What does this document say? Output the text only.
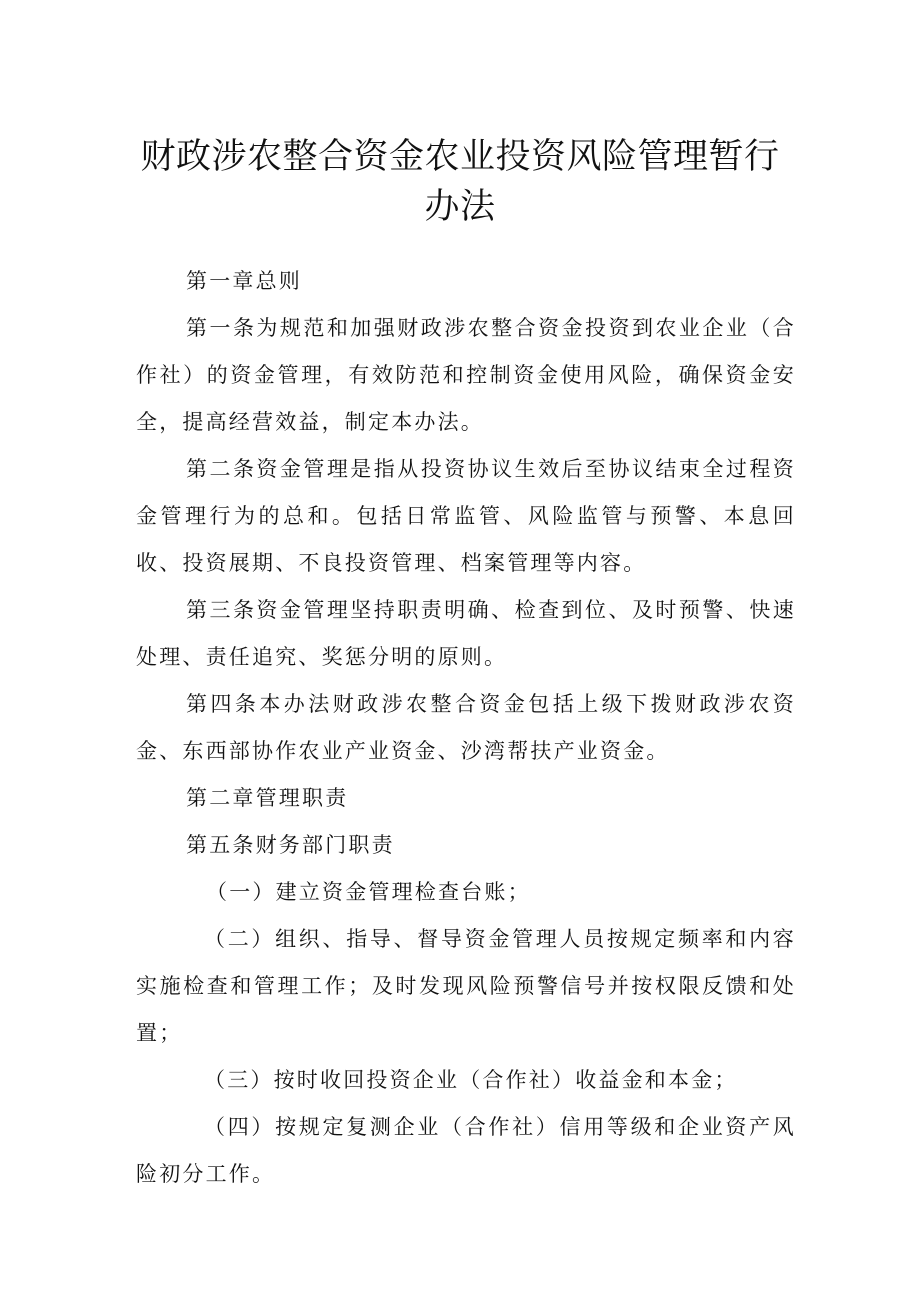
财政涉农整合资金农业投资风险管理暂行
办法

第一章总则

第一条为规范和加强财政涉农整合资金投资到农业企业（合作社）的资金管理，有效防范和控制资金使用风险，确保资金安全，提高经营效益，制定本办法。

第二条资金管理是指从投资协议生效后至协议结束全过程资金管理行为的总和。包括日常监管、风险监管与预警、本息回收、投资展期、不良投资管理、档案管理等内容。

第三条资金管理坚持职责明确、检查到位、及时预警、快速处理、责任追究、奖惩分明的原则。

第四条本办法财政涉农整合资金包括上级下拨财政涉农资金、东西部协作农业产业资金、沙湾帮扶产业资金。

第二章管理职责

第五条财务部门职责

（一）建立资金管理检查台账；

（二）组织、指导、督导资金管理人员按规定频率和内容实施检查和管理工作；及时发现风险预警信号并按权限反馈和处置；

（三）按时收回投资企业（合作社）收益金和本金；

（四）按规定复测企业（合作社）信用等级和企业资产风险初分工作。
